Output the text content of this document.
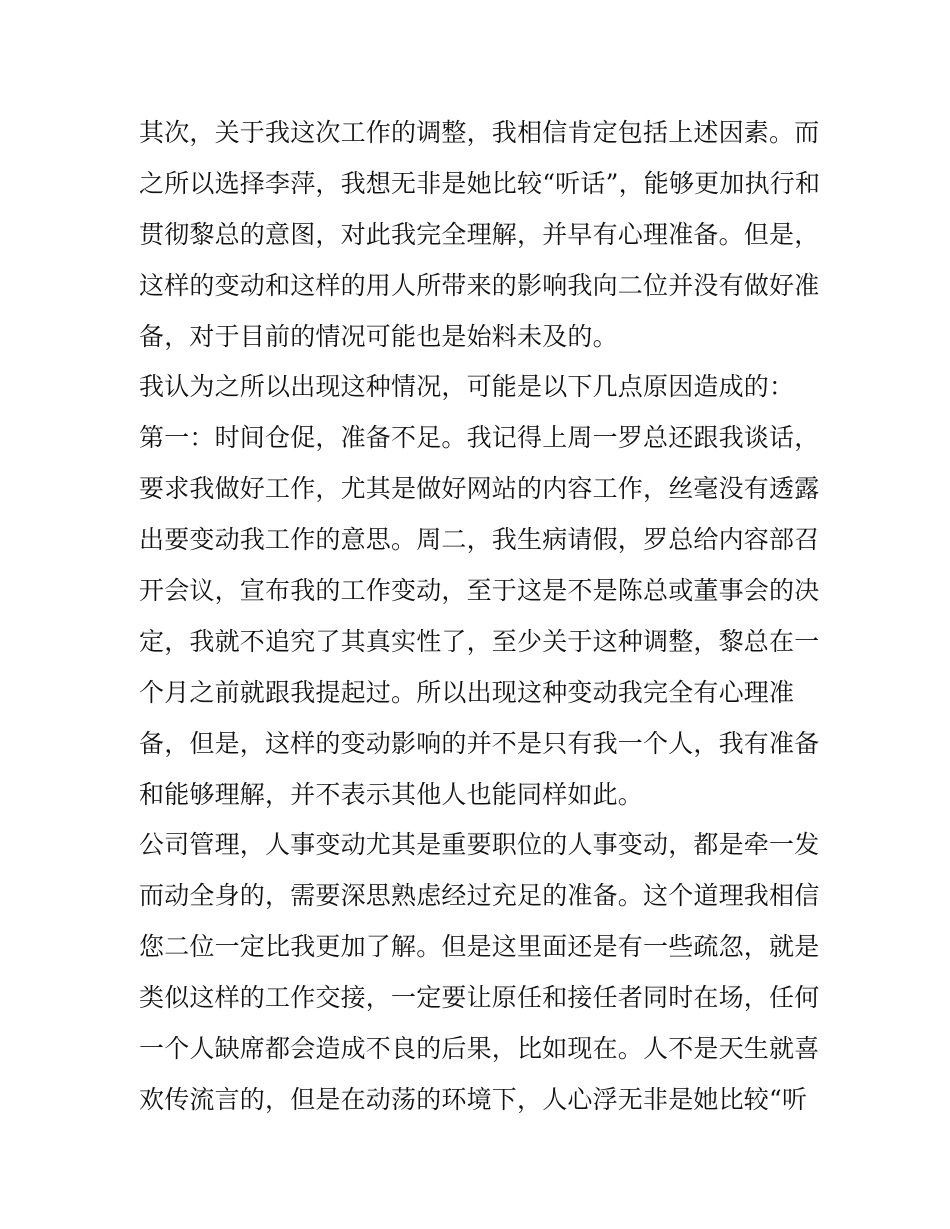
其次，关于我这次工作的调整，我相信肯定包括上述因素。而
之所以选择李萍，我想无非是她比较“听话”，能够更加执行和
贯彻黎总的意图，对此我完全理解，并早有心理准备。但是，
这样的变动和这样的用人所带来的影响我向二位并没有做好准
备，对于目前的情况可能也是始料未及的。
我认为之所以出现这种情况，可能是以下几点原因造成的：
第一：时间仓促，准备不足。我记得上周一罗总还跟我谈话，
要求我做好工作，尤其是做好网站的内容工作，丝毫没有透露
出要变动我工作的意思。周二，我生病请假，罗总给内容部召
开会议，宣布我的工作变动，至于这是不是陈总或董事会的决
定，我就不追究了其真实性了，至少关于这种调整，黎总在一
个月之前就跟我提起过。所以出现这种变动我完全有心理准
备，但是，这样的变动影响的并不是只有我一个人，我有准备
和能够理解，并不表示其他人也能同样如此。
公司管理，人事变动尤其是重要职位的人事变动，都是牵一发
而动全身的，需要深思熟虑经过充足的准备。这个道理我相信
您二位一定比我更加了解。但是这里面还是有一些疏忽，就是
类似这样的工作交接，一定要让原任和接任者同时在场，任何
一个人缺席都会造成不良的后果，比如现在。人不是天生就喜
欢传流言的，但是在动荡的环境下，人心浮无非是她比较“听
